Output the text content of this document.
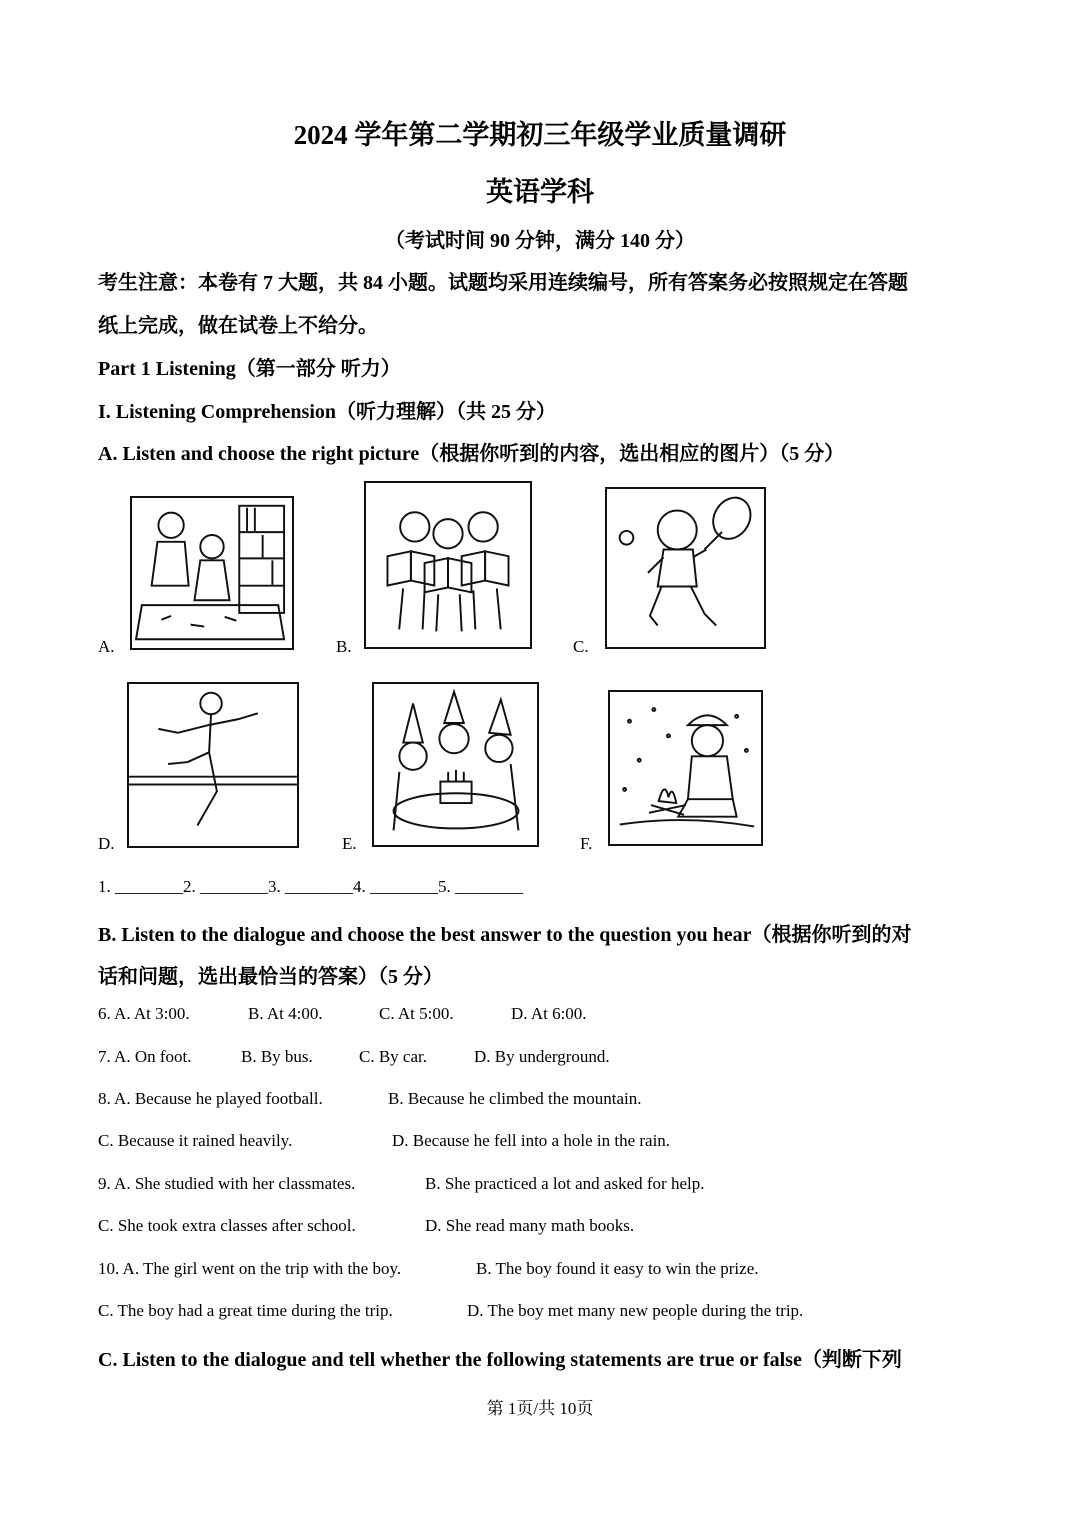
2024 学年第二学期初三年级学业质量调研
英语学科
（考试时间 90 分钟，满分 140 分）
考生注意：本卷有 7 大题，共 84 小题。试题均采用连续编号，所有答案务必按照规定在答题
纸上完成，做在试卷上不给分。
Part 1 Listening（第一部分 听力）
I. Listening Comprehension（听力理解）（共 25 分）
A. Listen and choose the right picture（根据你听到的内容，选出相应的图片）（5 分）
A.	B.	C.
D.	E.	F.
1. ________2. ________3. ________4. ________5. ________
B. Listen to the dialogue and choose the best answer to the question you hear（根据你听到的对
话和问题，选出最恰当的答案）（5 分）
6. A. At 3:00.	B. At 4:00.	C. At 5:00.	D. At 6:00.
7. A. On foot.	B. By bus.	C. By car.	D. By underground.
8. A. Because he played football.	B. Because he climbed the mountain.
C. Because it rained heavily.	D. Because he fell into a hole in the rain.
9. A. She studied with her classmates.	B. She practiced a lot and asked for help.
C. She took extra classes after school.	D. She read many math books.
10. A. The girl went on the trip with the boy.	B. The boy found it easy to win the prize.
C. The boy had a great time during the trip.	D. The boy met many new people during the trip.
C. Listen to the dialogue and tell whether the following statements are true or false（判断下列
第 1页/共 10页
